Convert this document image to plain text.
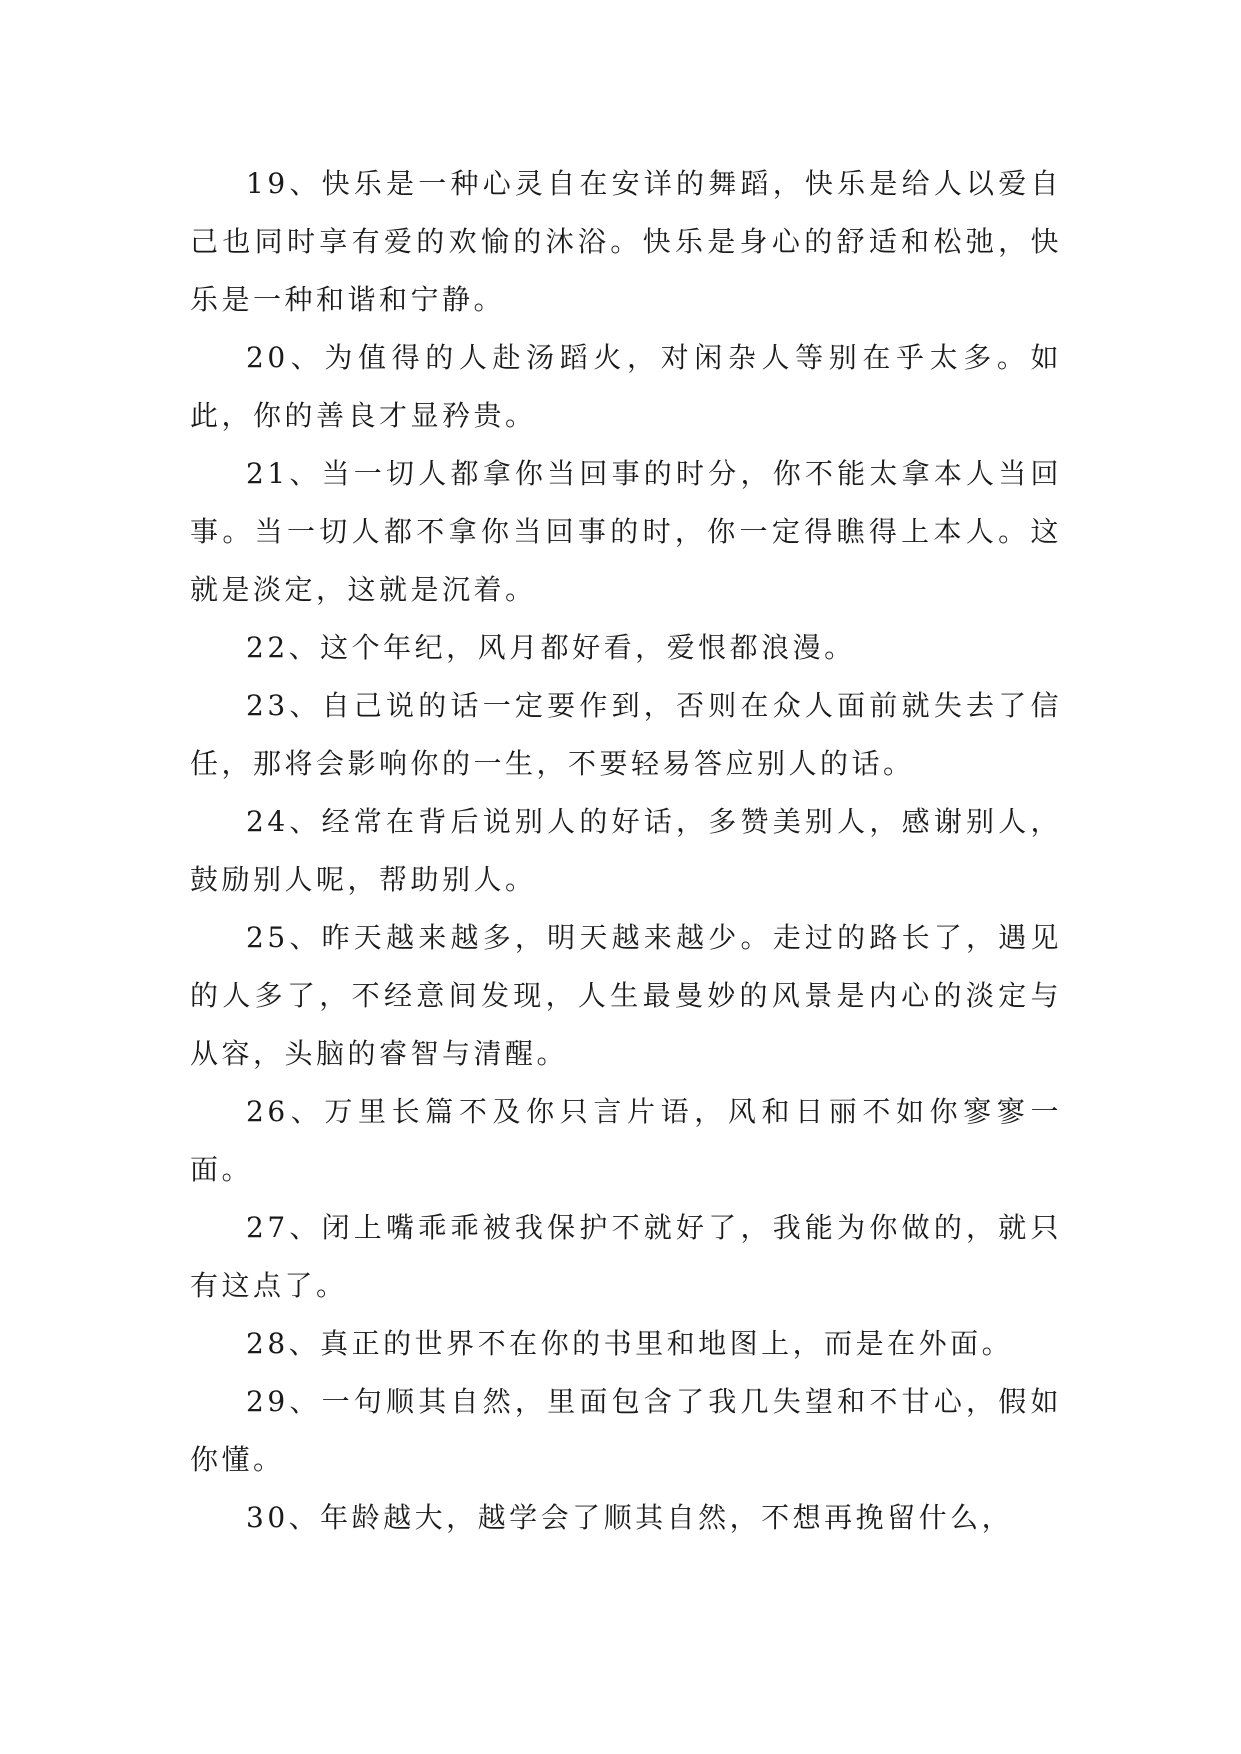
19、快乐是一种心灵自在安详的舞蹈，快乐是给人以爱自己也同时享有爱的欢愉的沐浴。快乐是身心的舒适和松弛，快乐是一种和谐和宁静。

20、为值得的人赴汤蹈火，对闲杂人等别在乎太多。如此，你的善良才显矜贵。

21、当一切人都拿你当回事的时分，你不能太拿本人当回事。当一切人都不拿你当回事的时，你一定得瞧得上本人。这就是淡定，这就是沉着。

22、这个年纪，风月都好看，爱恨都浪漫。

23、自己说的话一定要作到，否则在众人面前就失去了信任，那将会影响你的一生，不要轻易答应别人的话。

24、经常在背后说别人的好话，多赞美别人，感谢别人，鼓励别人呢，帮助别人。

25、昨天越来越多，明天越来越少。走过的路长了，遇见的人多了，不经意间发现，人生最曼妙的风景是内心的淡定与从容，头脑的睿智与清醒。

26、万里长篇不及你只言片语，风和日丽不如你寥寥一面。

27、闭上嘴乖乖被我保护不就好了，我能为你做的，就只有这点了。

28、真正的世界不在你的书里和地图上，而是在外面。

29、一句顺其自然，里面包含了我几失望和不甘心，假如你懂。

30、年龄越大，越学会了顺其自然，不想再挽留什么，
